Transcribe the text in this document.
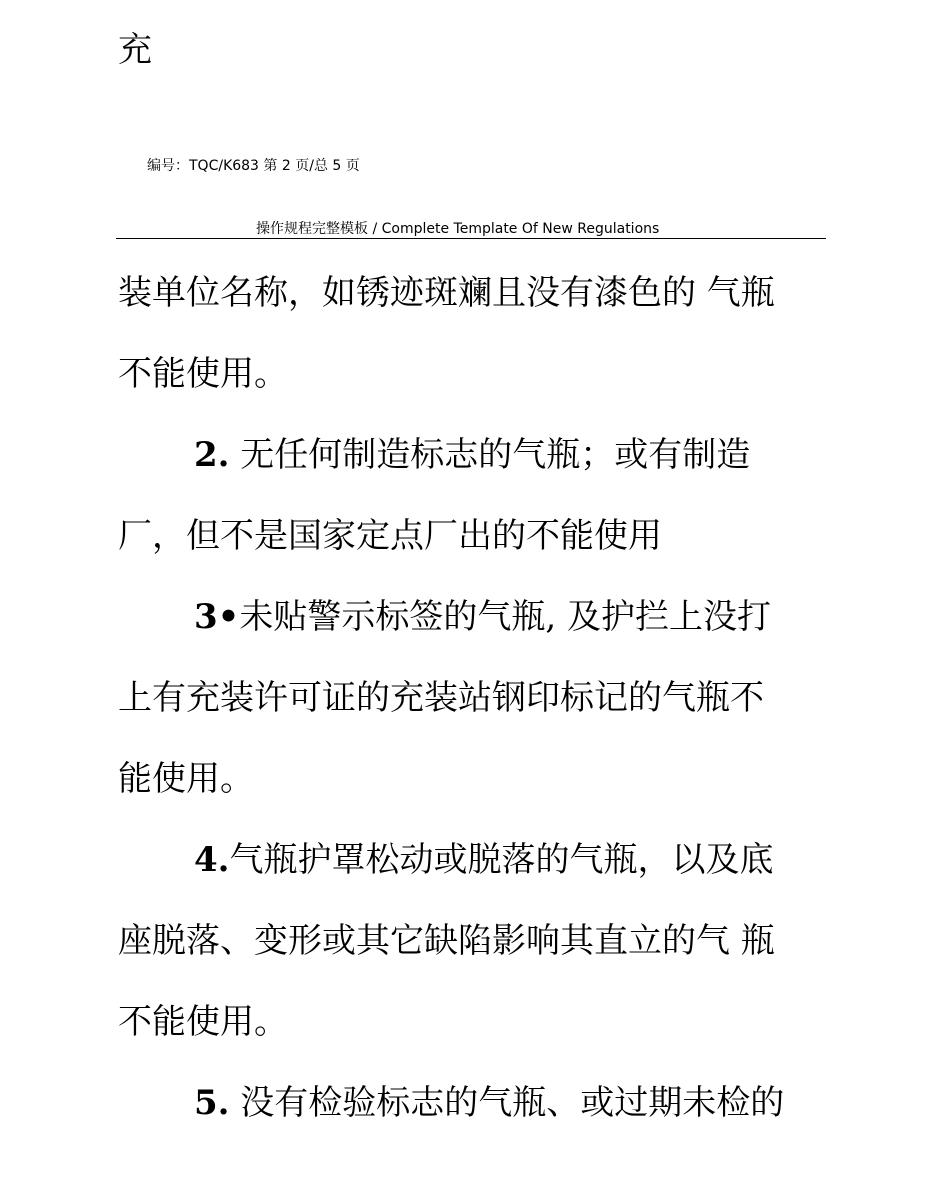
充
编号：TQC/K683 第 2 页/总 5 页
操作规程完整模板 / Complete Template Of New Regulations
装单位名称，如锈迹斑斓且没有漆色的 气瓶
不能使用。
2. 无任何制造标志的气瓶；或有制造
厂，但不是国家定点厂出的不能使用
3•未贴警示标签的气瓶, 及护拦上没打
上有充装许可证的充装站钢印标记的气瓶不
能使用。
4.气瓶护罩松动或脱落的气瓶，以及底
座脱落、变形或其它缺陷影响其直立的气 瓶
不能使用。
5. 没有检验标志的气瓶、或过期未检的
